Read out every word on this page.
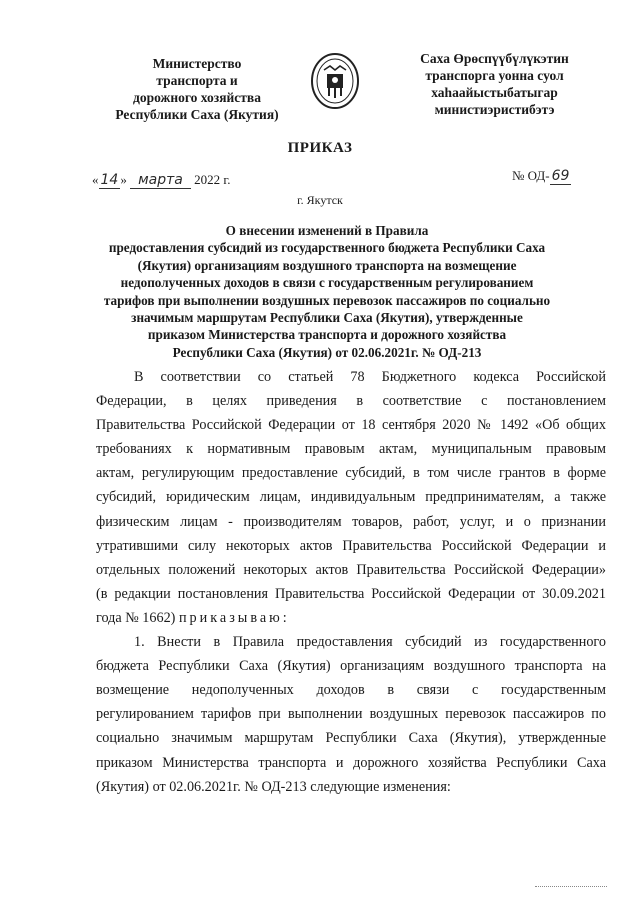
Министерство
транспорта и
дорожного хозяйства
Республики Саха (Якутия)
Саха Өрөспүүбүлүкэтин
транспорга уонна суол
хаһаайыстыбатыгар
министиэристибэтэ
ПРИКАЗ
« 14 » марта 2022 г.	№ ОД- 69
г. Якутск
О внесении изменений в Правила
предоставления субсидий из государственного бюджета Республики Саха
(Якутия) организациям воздушного транспорта на возмещение
недополученных доходов в связи с государственным регулированием
тарифов при выполнении воздушных перевозок пассажиров по социально
значимым маршрутам Республики Саха (Якутия), утвержденные
приказом Министерства транспорта и дорожного хозяйства
Республики Саха (Якутия) от 02.06.2021г. № ОД-213
В соответствии со статьей 78 Бюджетного кодекса Российской
Федерации, в целях приведения в соответствие с постановлением
Правительства Российской Федерации от 18 сентября 2020 № 1492 «Об общих
требованиях к нормативным правовым актам, муниципальным правовым
актам, регулирующим предоставление субсидий, в том числе грантов в форме
субсидий, юридическим лицам, индивидуальным предпринимателям, а также
физическим лицам - производителям товаров, работ, услуг, и о признании
утратившими силу некоторых актов Правительства Российской Федерации и
отдельных положений некоторых актов Правительства Российской Федерации»
(в редакции постановления Правительства Российской Федерации от 30.09.2021
года № 1662) приказываю:
1. Внести в Правила предоставления субсидий из государственного
бюджета Республики Саха (Якутия) организациям воздушного транспорта на
возмещение недополученных доходов в связи с государственным
регулированием тарифов при выполнении воздушных перевозок пассажиров по
социально значимым маршрутам Республики Саха (Якутия), утвержденные
приказом Министерства транспорта и дорожного хозяйства Республики Саха
(Якутия) от 02.06.2021г. № ОД-213 следующие изменения:
